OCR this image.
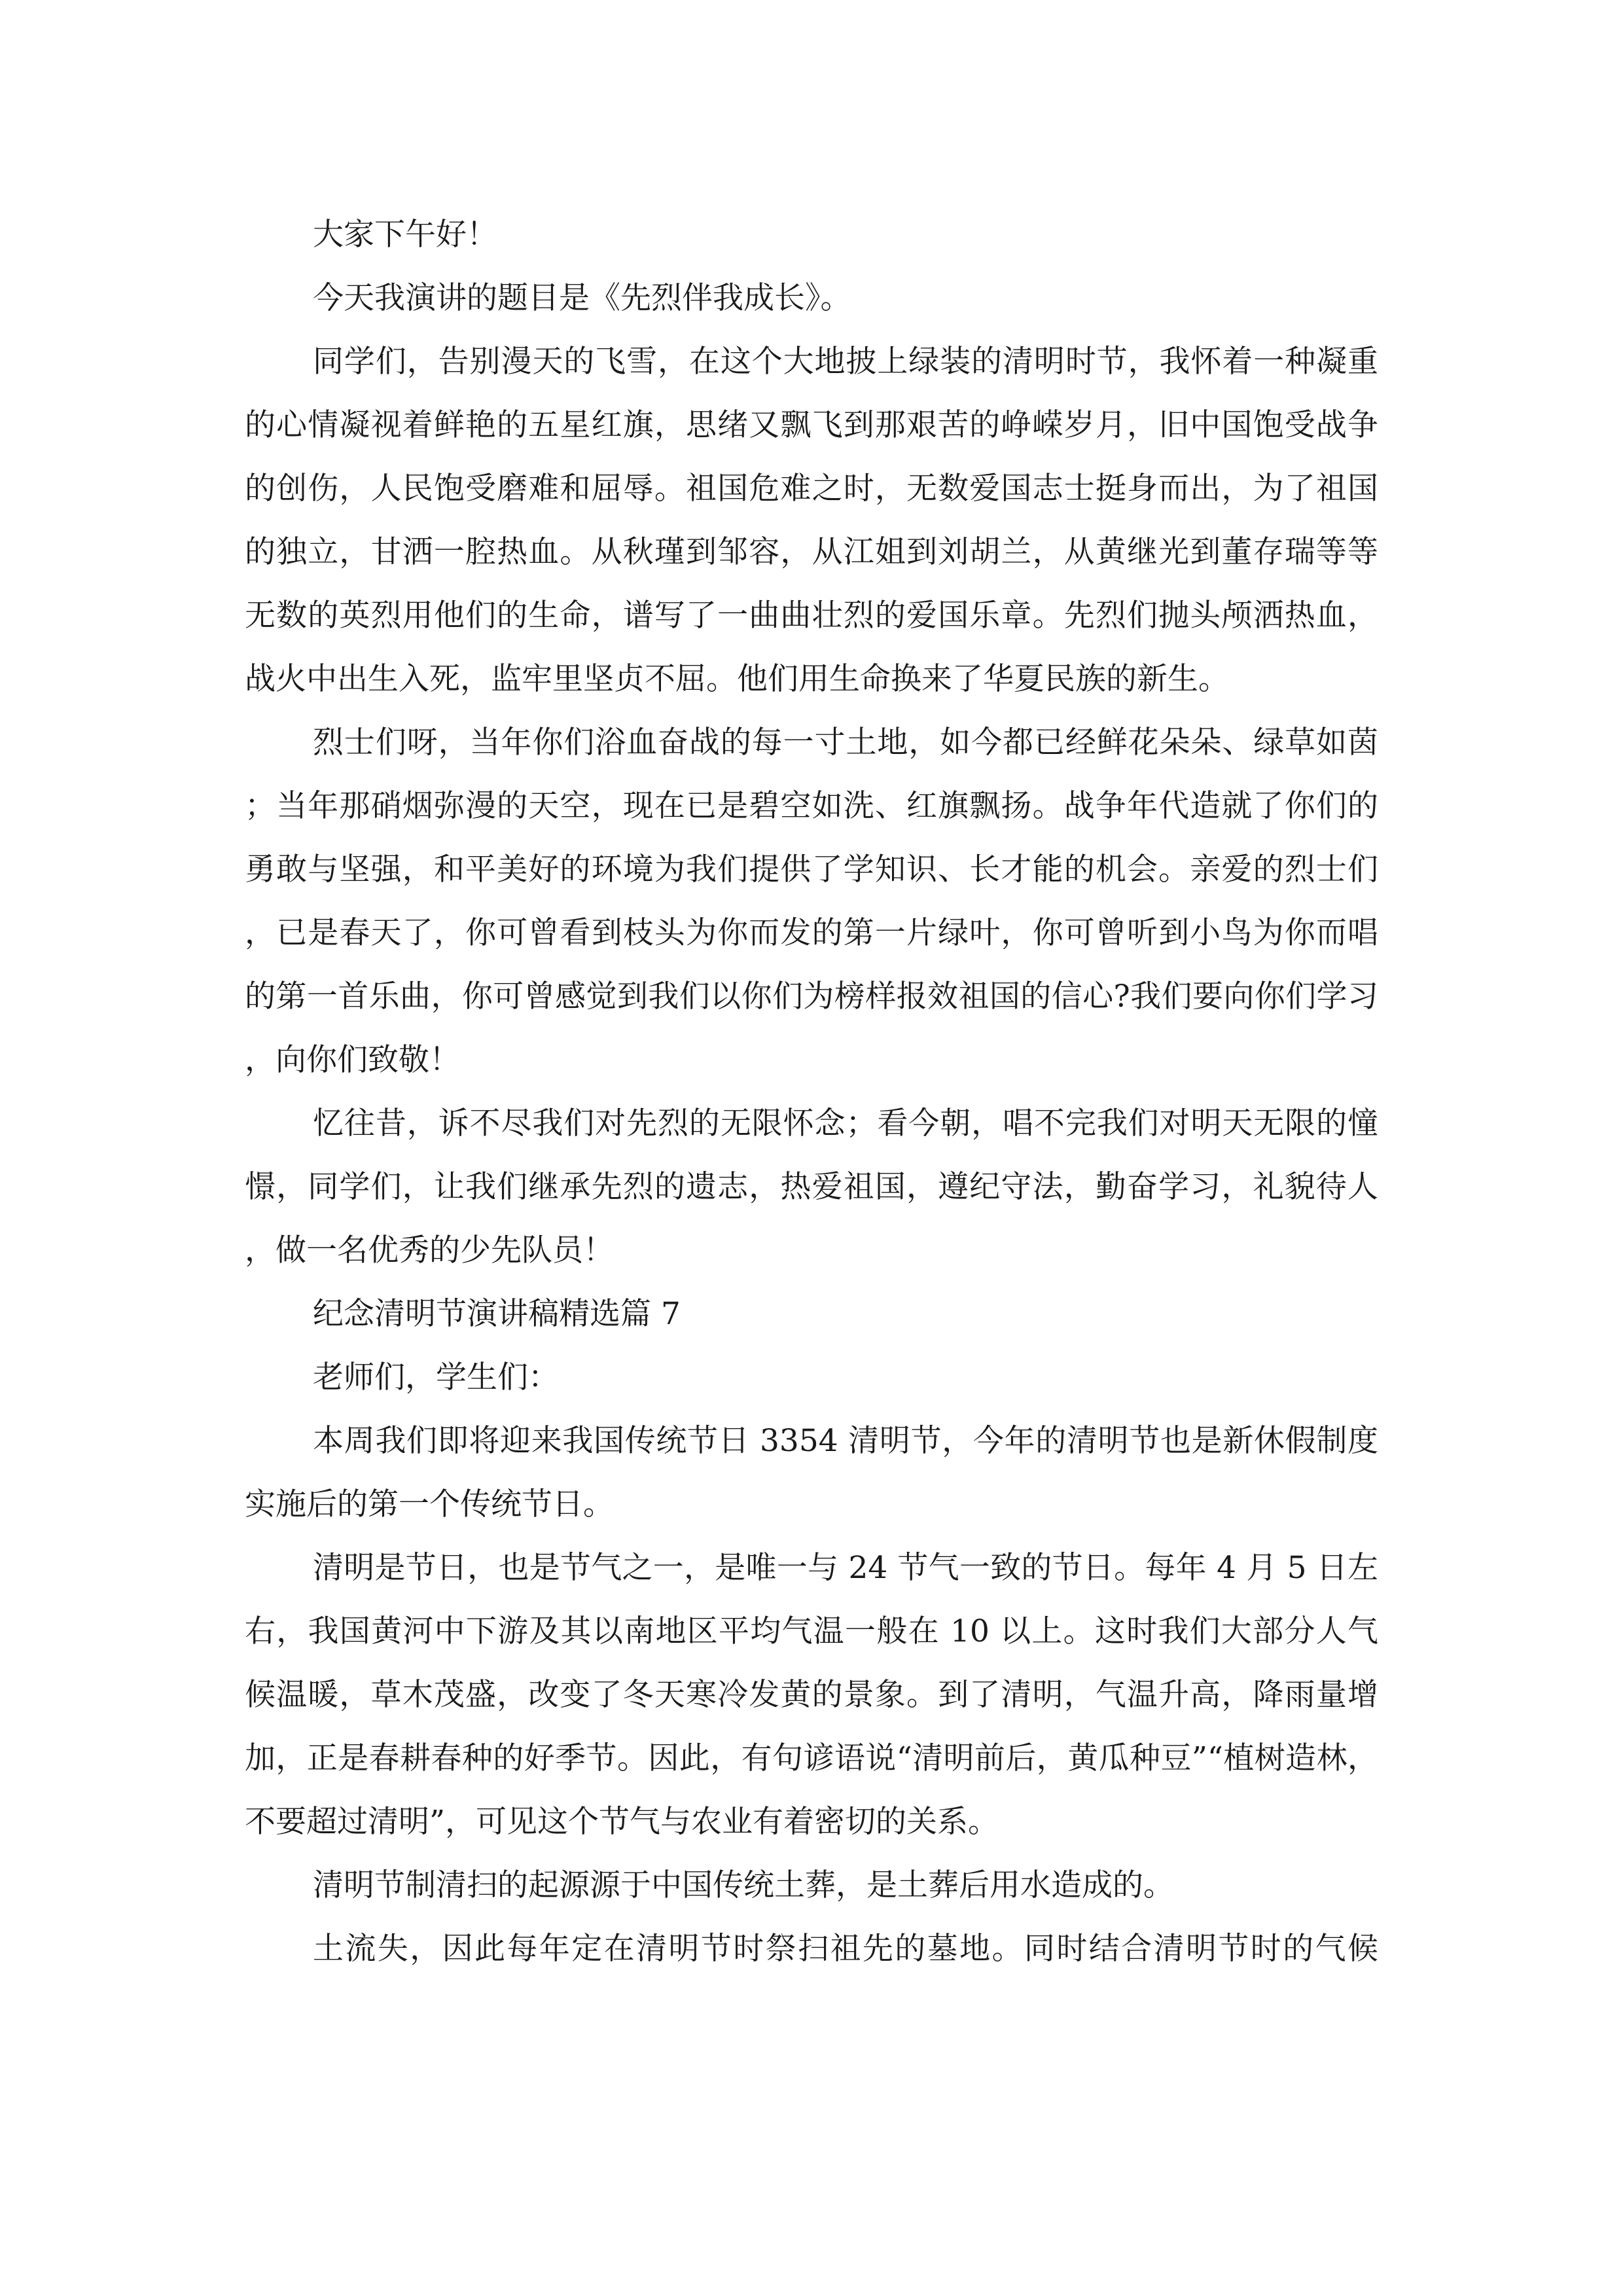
大家下午好！

今天我演讲的题目是《先烈伴我成长》。

同学们，告别漫天的飞雪，在这个大地披上绿装的清明时节，我怀着一种凝重的心情凝视着鲜艳的五星红旗，思绪又飘飞到那艰苦的峥嵘岁月，旧中国饱受战争的创伤，人民饱受磨难和屈辱。祖国危难之时，无数爱国志士挺身而出，为了祖国的独立，甘洒一腔热血。从秋瑾到邹容，从江姐到刘胡兰，从黄继光到董存瑞等等无数的英烈用他们的生命，谱写了一曲曲壮烈的爱国乐章。先烈们抛头颅洒热血，战火中出生入死，监牢里坚贞不屈。他们用生命换来了华夏民族的新生。

烈士们呀，当年你们浴血奋战的每一寸土地，如今都已经鲜花朵朵、绿草如茵；当年那硝烟弥漫的天空，现在已是碧空如洗、红旗飘扬。战争年代造就了你们的勇敢与坚强，和平美好的环境为我们提供了学知识、长才能的机会。亲爱的烈士们，已是春天了，你可曾看到枝头为你而发的第一片绿叶，你可曾听到小鸟为你而唱的第一首乐曲，你可曾感觉到我们以你们为榜样报效祖国的信心?我们要向你们学习，向你们致敬！

忆往昔，诉不尽我们对先烈的无限怀念；看今朝，唱不完我们对明天无限的憧憬，同学们，让我们继承先烈的遗志，热爱祖国，遵纪守法，勤奋学习，礼貌待人，做一名优秀的少先队员！

纪念清明节演讲稿精选篇 7

老师们，学生们：

本周我们即将迎来我国传统节日 3354 清明节，今年的清明节也是新休假制度实施后的第一个传统节日。

清明是节日，也是节气之一，是唯一与 24 节气一致的节日。每年 4 月 5 日左右，我国黄河中下游及其以南地区平均气温一般在 10 以上。这时我们大部分人气候温暖，草木茂盛，改变了冬天寒冷发黄的景象。到了清明，气温升高，降雨量增加，正是春耕春种的好季节。因此，有句谚语说“清明前后，黄瓜种豆”“植树造林，不要超过清明”，可见这个节气与农业有着密切的关系。

清明节制清扫的起源源于中国传统土葬，是土葬后用水造成的。

土流失，因此每年定在清明节时祭扫祖先的墓地。同时结合清明节时的气候
